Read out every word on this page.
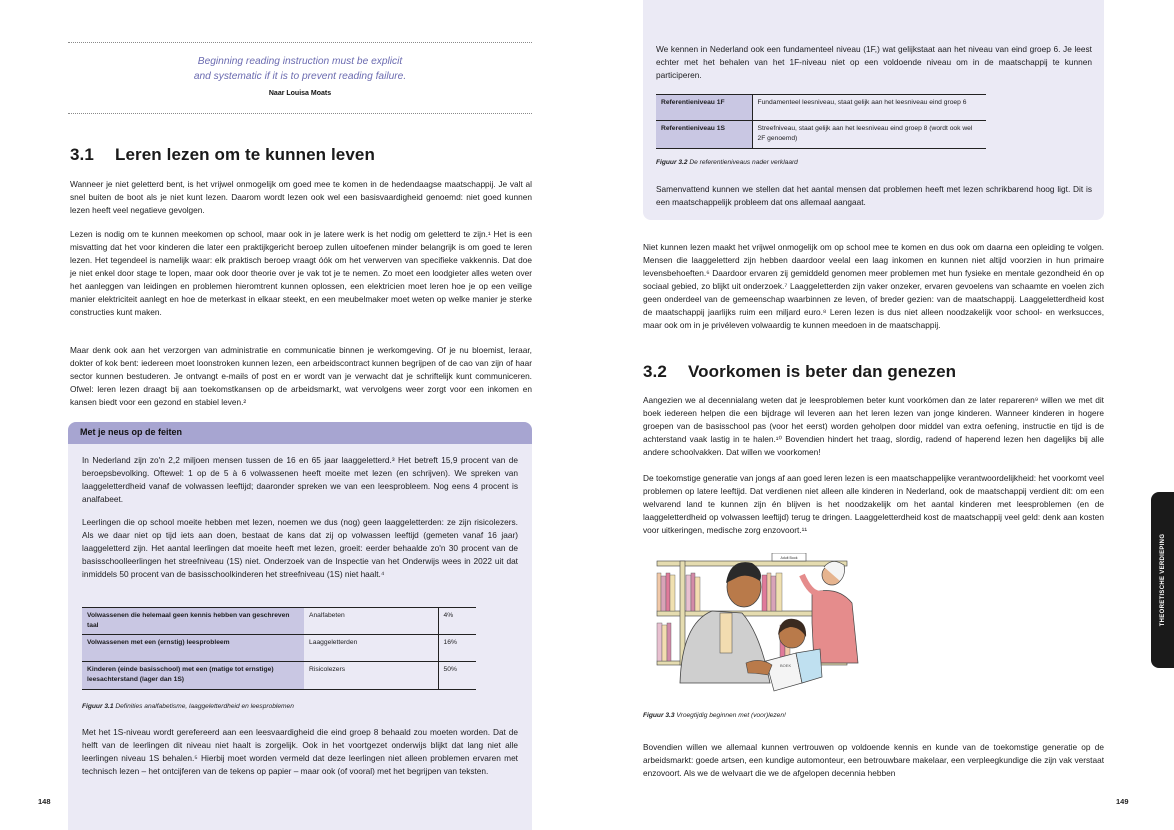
Beginning reading instruction must be explicit
and systematic if it is to prevent reading failure.
Naar Louisa Moats
3.1 Leren lezen om te kunnen leven

Wanneer je niet geletterd bent, is het vrijwel onmogelijk om goed mee te komen in de hedendaagse maatschappij. Je valt al snel buiten de boot als je niet kunt lezen. Daarom wordt lezen ook wel een basisvaardigheid genoemd: niet goed kunnen lezen heeft veel negatieve gevolgen.

Lezen is nodig om te kunnen meekomen op school, maar ook in je latere werk is het nodig om geletterd te zijn.¹ Het is een misvatting dat het voor kinderen die later een praktijkgericht beroep zullen uitoefenen minder belangrijk is om goed te leren lezen. Het tegendeel is namelijk waar: elk praktisch beroep vraagt óók om het verwerven van specifieke vakkennis. Dat doe je niet enkel door stage te lopen, maar ook door theorie over je vak tot je te nemen. Zo moet een loodgieter alles weten over het aanleggen van leidingen en problemen hieromtrent kunnen oplossen, een elektricien moet leren hoe je op een veilige manier elektriciteit aanlegt en hoe de meterkast in elkaar steekt, en een meubelmaker moet weten op welke manier je sterke constructies kunt maken.

Maar denk ook aan het verzorgen van administratie en communicatie binnen je werkomgeving. Of je nu bloemist, leraar, dokter of kok bent: iedereen moet loonstroken kunnen lezen, een arbeidscontract kunnen begrijpen of de cao van zijn of haar sector kunnen bestuderen. Je ontvangt e-mails of post en er wordt van je verwacht dat je schriftelijk kunt communiceren. Ofwel: leren lezen draagt bij aan toekomstkansen op de arbeidsmarkt, wat vervolgens weer zorgt voor een inkomen en kansen biedt voor een gezond en stabiel leven.²

Met je neus op de feiten

In Nederland zijn zo'n 2,2 miljoen mensen tussen de 16 en 65 jaar laaggeletterd.³ Het betreft 15,9 procent van de beroepsbevolking. Oftewel: 1 op de 5 à 6 volwassenen heeft moeite met lezen (en schrijven). We spreken van laaggeletterdheid vanaf de volwassen leeftijd; daaronder spreken we van een leesprobleem. Nog eens 4 procent is analfabeet.

Leerlingen die op school moeite hebben met lezen, noemen we dus (nog) geen laaggeletterden: ze zijn risicolezers. Als we daar niet op tijd iets aan doen, bestaat de kans dat zij op volwassen leeftijd (gemeten vanaf 16 jaar) laaggeletterd zijn. Het aantal leerlingen dat moeite heeft met lezen, groeit: eerder behaalde zo'n 30 procent van de basisschoolleerlingen het streefniveau (1S) niet. Onderzoek van de Inspectie van het Onderwijs wees in 2022 uit dat inmiddels 50 procent van de basisschoolkinderen het streefniveau (1S) niet haalt.⁴

Volwassenen die helemaal geen kennis hebben van geschreven taal	Analfabeten	4%
Volwassenen met een (ernstig) leesprobleem	Laaggeletterden	16%
Kinderen (einde basisschool) met een (matige tot ernstige) leesachterstand (lager dan 1S)	Risicolezers	50%
Figuur 3.1 Definities analfabetisme, laaggeletterdheid en leesproblemen

Met het 1S-niveau wordt gerefereerd aan een leesvaardigheid die eind groep 8 behaald zou moeten worden. Dat de helft van de leerlingen dit niveau niet haalt is zorgelijk. Ook in het voortgezet onderwijs blijkt dat lang niet alle leerlingen niveau 1S behalen.⁵ Hierbij moet worden vermeld dat deze leerlingen niet alleen problemen ervaren met technisch lezen – het ontcijferen van de tekens op papier – maar ook (of vooral) met het begrijpen van teksten.

148

We kennen in Nederland ook een fundamenteel niveau (1F,) wat gelijkstaat aan het niveau van eind groep 6. Je leest echter met het behalen van het 1F-niveau niet op een voldoende niveau om in de maatschappij te kunnen participeren.

Referentieniveau 1F	Fundamenteel leesniveau, staat gelijk aan het leesniveau eind groep 6
Referentieniveau 1S	Streefniveau, staat gelijk aan het leesniveau eind groep 8 (wordt ook wel 2F genoemd)
Figuur 3.2 De referentieniveaus nader verklaard

Samenvattend kunnen we stellen dat het aantal mensen dat problemen heeft met lezen schrikbarend hoog ligt. Dit is een maatschappelijk probleem dat ons allemaal aangaat.

Niet kunnen lezen maakt het vrijwel onmogelijk om op school mee te komen en dus ook om daarna een opleiding te volgen. Mensen die laaggeletterd zijn hebben daardoor veelal een laag inkomen en kunnen niet altijd voorzien in hun primaire levensbehoeften.⁶ Daardoor ervaren zij gemiddeld genomen meer problemen met hun fysieke en mentale gezondheid én op sociaal gebied, zo blijkt uit onderzoek.⁷ Laaggeletterden zijn vaker onzeker, ervaren gevoelens van schaamte en voelen zich geen onderdeel van de gemeenschap waarbinnen ze leven, of breder gezien: van de maatschappij. Laaggeletterdheid kost de maatschappij jaarlijks ruim een miljard euro.⁸ Leren lezen is dus niet alleen noodzakelijk voor school- en werksucces, maar ook om in je privéleven volwaardig te kunnen meedoen in de maatschappij.

3.2 Voorkomen is beter dan genezen

Aangezien we al decennialang weten dat je leesproblemen beter kunt voorkómen dan ze later repareren⁹ willen we met dit boek iedereen helpen die een bijdrage wil leveren aan het leren lezen van jonge kinderen. Wanneer kinderen in hogere groepen van de basisschool pas (voor het eerst) worden geholpen door middel van extra oefening, instructie en tijd is de achterstand vaak lastig in te halen.¹⁰ Bovendien hindert het traag, slordig, radend of haperend lezen hen dagelijks bij alle andere schoolvakken. Dat willen we voorkomen!

De toekomstige generatie van jongs af aan goed leren lezen is een maatschappelijke verantwoordelijkheid: het voorkomt veel problemen op latere leeftijd. Dat verdienen niet alleen alle kinderen in Nederland, ook de maatschappij verdient dit: om een welvarend land te kunnen zijn én blijven is het noodzakelijk om het aantal kinderen met leesproblemen (en de laaggeletterdheid op volwassen leeftijd) terug te dringen. Laaggeletterdheid kost de maatschappij veel geld: denk aan kosten voor uitkeringen, medische zorg enzovoort.¹¹

Figuur 3.3 Vroegtijdig beginnen met (voor)lezen!

Bovendien willen we allemaal kunnen vertrouwen op voldoende kennis en kunde van de toekomstige generatie op de arbeidsmarkt: goede artsen, een kundige automonteur, een betrouwbare makelaar, een verpleegkundige die zijn vak verstaat enzovoort. Als we de welvaart die we de afgelopen decennia hebben

149
Adult Book
BOEK
THEORETISCHE VERDIEPING
